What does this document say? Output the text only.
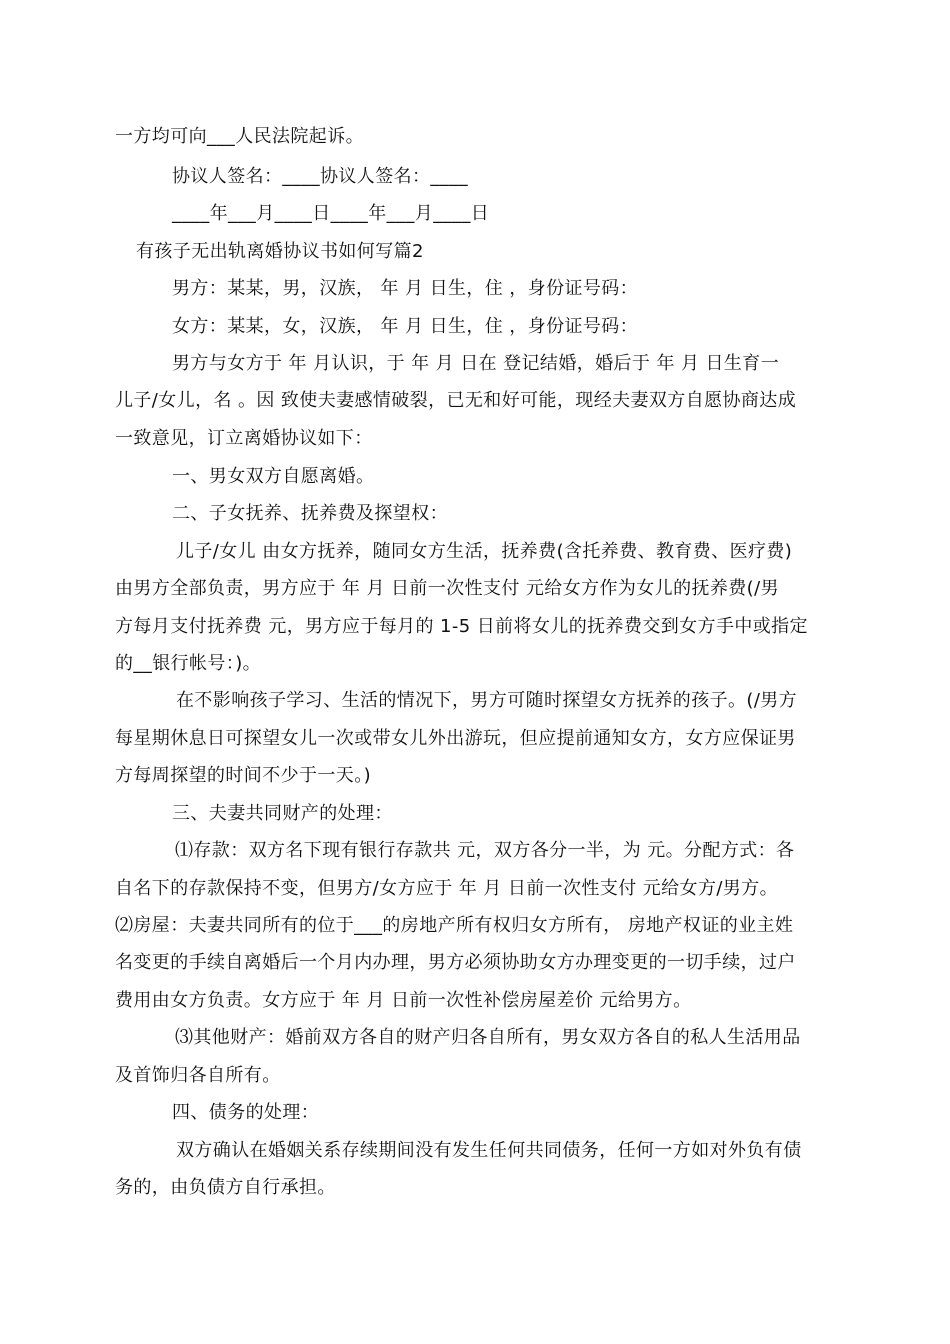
一方均可向___人民法院起诉。
协议人签名：____协议人签名：____
____年___月____日____年___月____日
有孩子无出轨离婚协议书如何写篇2
男方：某某，男，汉族， 年 月 日生，住 ，身份证号码：
女方：某某，女，汉族， 年 月 日生，住 ，身份证号码：
男方与女方于 年 月认识，于 年 月 日在 登记结婚，婚后于 年 月 日生育一
儿子/女儿，名 。因 致使夫妻感情破裂，已无和好可能，现经夫妻双方自愿协商达成
一致意见，订立离婚协议如下：
一、男女双方自愿离婚。
二、子女抚养、抚养费及探望权：
儿子/女儿 由女方抚养，随同女方生活，抚养费(含托养费、教育费、医疗费)
由男方全部负责，男方应于 年 月 日前一次性支付 元给女方作为女儿的抚养费(/男
方每月支付抚养费 元，男方应于每月的 1-5 日前将女儿的抚养费交到女方手中或指定
的__银行帐号：)。
在不影响孩子学习、生活的情况下，男方可随时探望女方抚养的孩子。(/男方
每星期休息日可探望女儿一次或带女儿外出游玩，但应提前通知女方，女方应保证男
方每周探望的时间不少于一天。)
三、夫妻共同财产的处理：
⑴存款：双方名下现有银行存款共 元，双方各分一半，为 元。分配方式：各
自名下的存款保持不变，但男方/女方应于 年 月 日前一次性支付 元给女方/男方。
⑵房屋：夫妻共同所有的位于___的房地产所有权归女方所有， 房地产权证的业主姓
名变更的手续自离婚后一个月内办理，男方必须协助女方办理变更的一切手续，过户
费用由女方负责。女方应于 年 月 日前一次性补偿房屋差价 元给男方。
⑶其他财产：婚前双方各自的财产归各自所有，男女双方各自的私人生活用品
及首饰归各自所有。
四、债务的处理：
双方确认在婚姻关系存续期间没有发生任何共同债务，任何一方如对外负有债
务的，由负债方自行承担。
